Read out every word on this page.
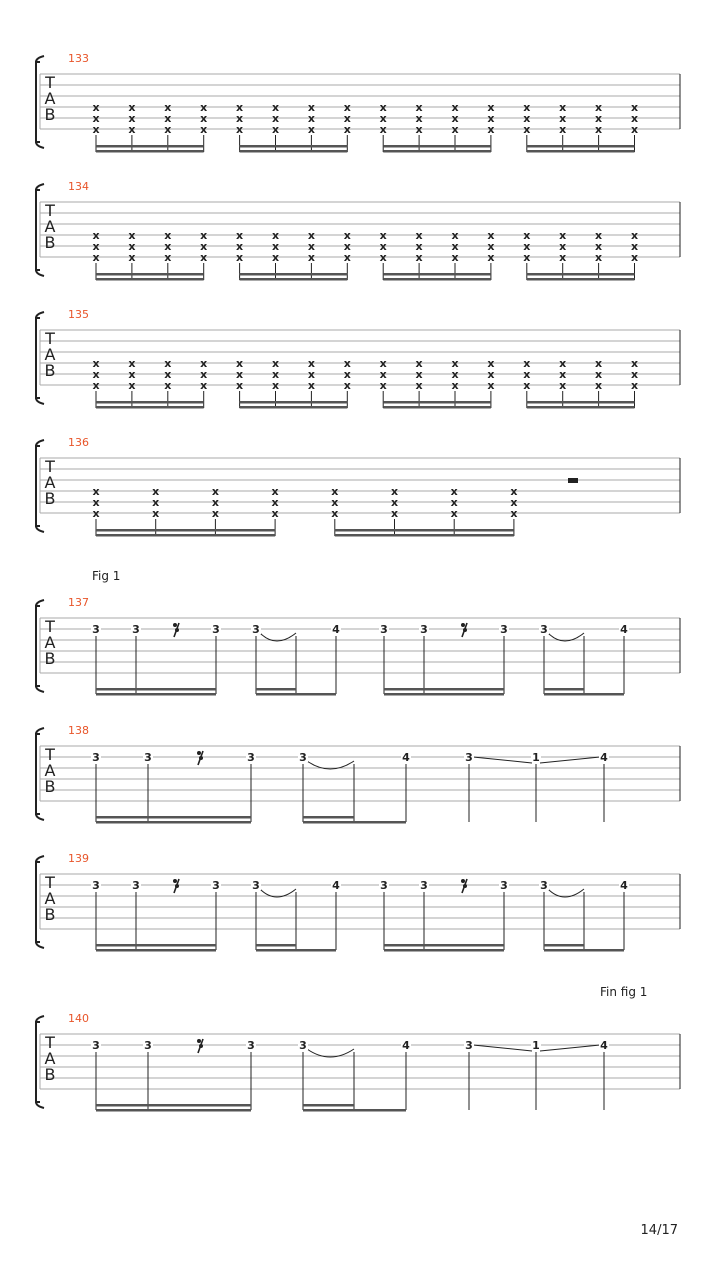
133
T
A
B	x
x
x
x
x
x
x
x
x
x
x
x
x
x
x
x
x
x
x
x
x
x
x
x
x
x
x
x
x
x
x
x
x
x
x
x
x
x
x
x
x
x
x
x
x
x
x
x
134
T
A
B	x
x
x
x
x
x
x
x
x
x
x
x
x
x
x
x
x
x
x
x
x
x
x
x
x
x
x
x
x
x
x
x
x
x
x
x
x
x
x
x
x
x
x
x
x
x
x
x
135
T
A
B	x
x
x
x
x
x
x
x
x
x
x
x
x
x
x
x
x
x
x
x
x
x
x
x
x
x
x
x
x
x
x
x
x
x
x
x
x
x
x
x
x
x
x
x
x
x
x
x
136
T
A
B	x
x
x
x
x
x
x
x
x
x
x
x
x
x
x
x
x
x
x
x
x
x
x
x
137
T
A
B
3	3	3	3	4	3	3	3	3	4
138
T
A
B
3	3	3	3	4	3	1	4
139
T
A
B
3	3	3	3	4	3	3	3	3	4
140
T
A
B
3	3	3	3	4	3	1	4
Fig 1
Fin fig 1
14/17
